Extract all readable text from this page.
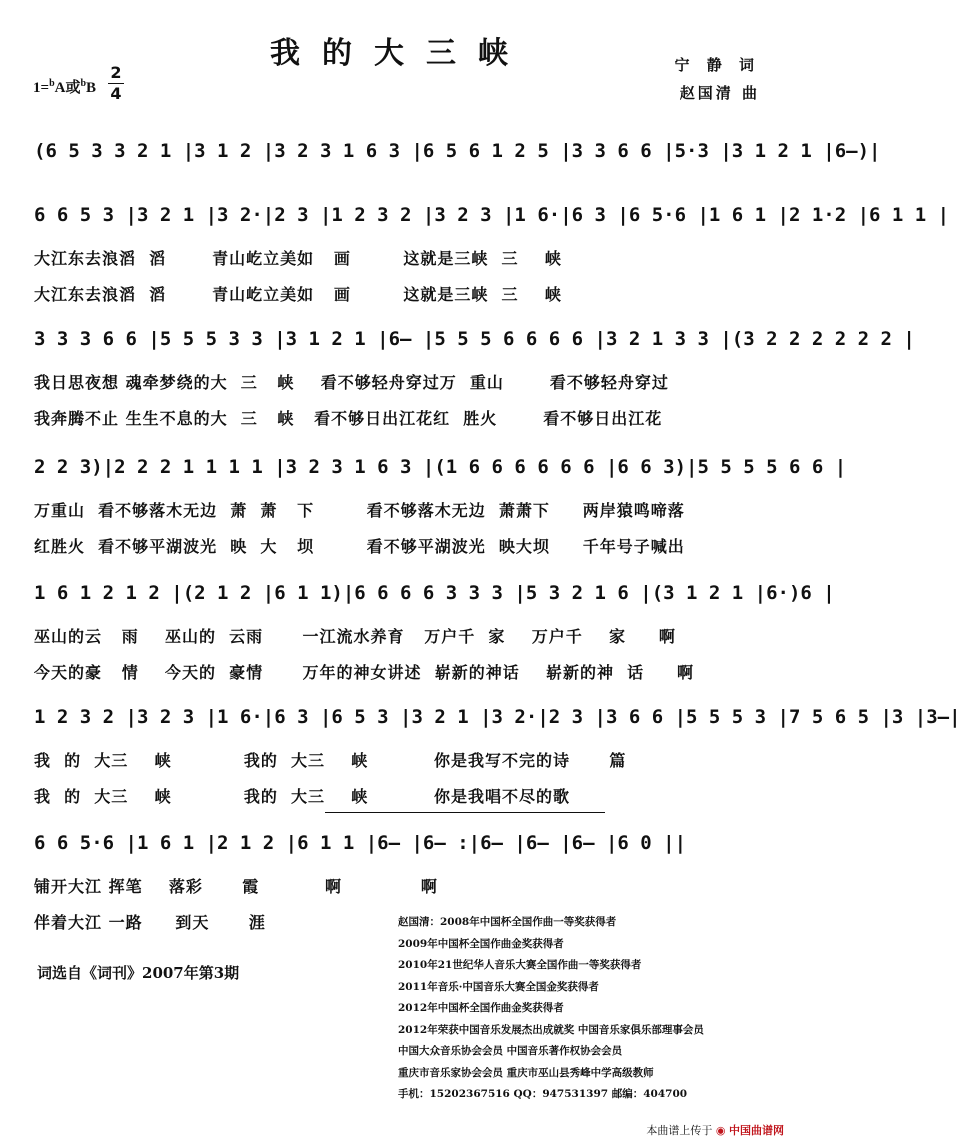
我的大三峡	宁 静 词
赵国清 曲
1=$^b$A或$^b$B
2
4
(6 5 3 3 2 1 |3 1 2 |3 2 3 1 6 3 |6 5 6 1 2 5 |3 3 6 6 |5·3 |3 1 2 1 |6—)|
6 6 5 3 |3 2 1 |3 2·|2 3 |1 2 3 2 |3 2 3 |1 6·|6 3 |6 5·6 |1 6 1 |2 1·2 |6 1 1 |
大江东去浪滔  滔       青山屹立美如   画        这就是三峡  三    峡
大江东去浪滔  滔       青山屹立美如   画        这就是三峡  三    峡
3 3 3 6 6 |5 5 5 3 3 |3 1 2 1 |6— |5 5 5 6 6 6 6 |3 2 1 3 3 |(3 2 2 2 2 2 2 |
我日思夜想 魂牵梦绕的大  三   峡    看不够轻舟穿过万  重山       看不够轻舟穿过
我奔腾不止 生生不息的大  三   峡   看不够日出江花红  胜火       看不够日出江花
2 2 3)|2 2 2 1 1 1 1 |3 2 3 1 6 3 |(1 6 6 6 6 6 6 |6 6 3)|5 5 5 5 6 6 |
万重山  看不够落木无边  萧  萧   下        看不够落木无边  萧萧下     两岸猿鸣啼落
红胜火  看不够平湖波光  映  大   坝        看不够平湖波光  映大坝     千年号子喊出
1 6 1 2 1 2 |(2 1 2 |6 1 1)|6 6 6 6 3 3 3 |5 3 2 1 6 |(3 1 2 1 |6·)6 |
巫山的云   雨    巫山的  云雨      一江流水养育   万户千  家    万户千    家     啊
今天的豪   情    今天的  豪情      万年的神女讲述  崭新的神话    崭新的神  话     啊
1 2 3 2 |3 2 3 |1 6·|6 3 |6 5 3 |3 2 1 |3 2·|2 3 |3 6 6 |5 5 5 3 |7 5 6 5 |3 |3—|
我  的  大三    峡           我的  大三    峡          你是我写不完的诗      篇
我  的  大三    峡           我的  大三    峡          你是我唱不尽的歌
6 6 5·6 |1 6 1 |2 1 2 |6 1 1 |6— |6— :|6— |6— |6— |6 0 ||
铺开大江 挥笔    落彩      霞          啊            啊
伴着大江 一路     到天      涯
词选自《词刊》2007年第3期
赵国清：2008年中国杯全国作曲一等奖获得者
2009年中国杯全国作曲金奖获得者
2010年21世纪华人音乐大赛全国作曲一等奖获得者
2011年音乐·中国音乐大赛全国金奖获得者
2012年中国杯全国作曲金奖获得者
2012年荣获中国音乐发展杰出成就奖 中国音乐家俱乐部理事会员
中国大众音乐协会会员 中国音乐著作权协会会员
重庆市音乐家协会会员 重庆市巫山县秀峰中学高级教师
手机：15202367516 QQ：947531397 邮编：404700
本曲谱上传于 ◉ 中国曲谱网
